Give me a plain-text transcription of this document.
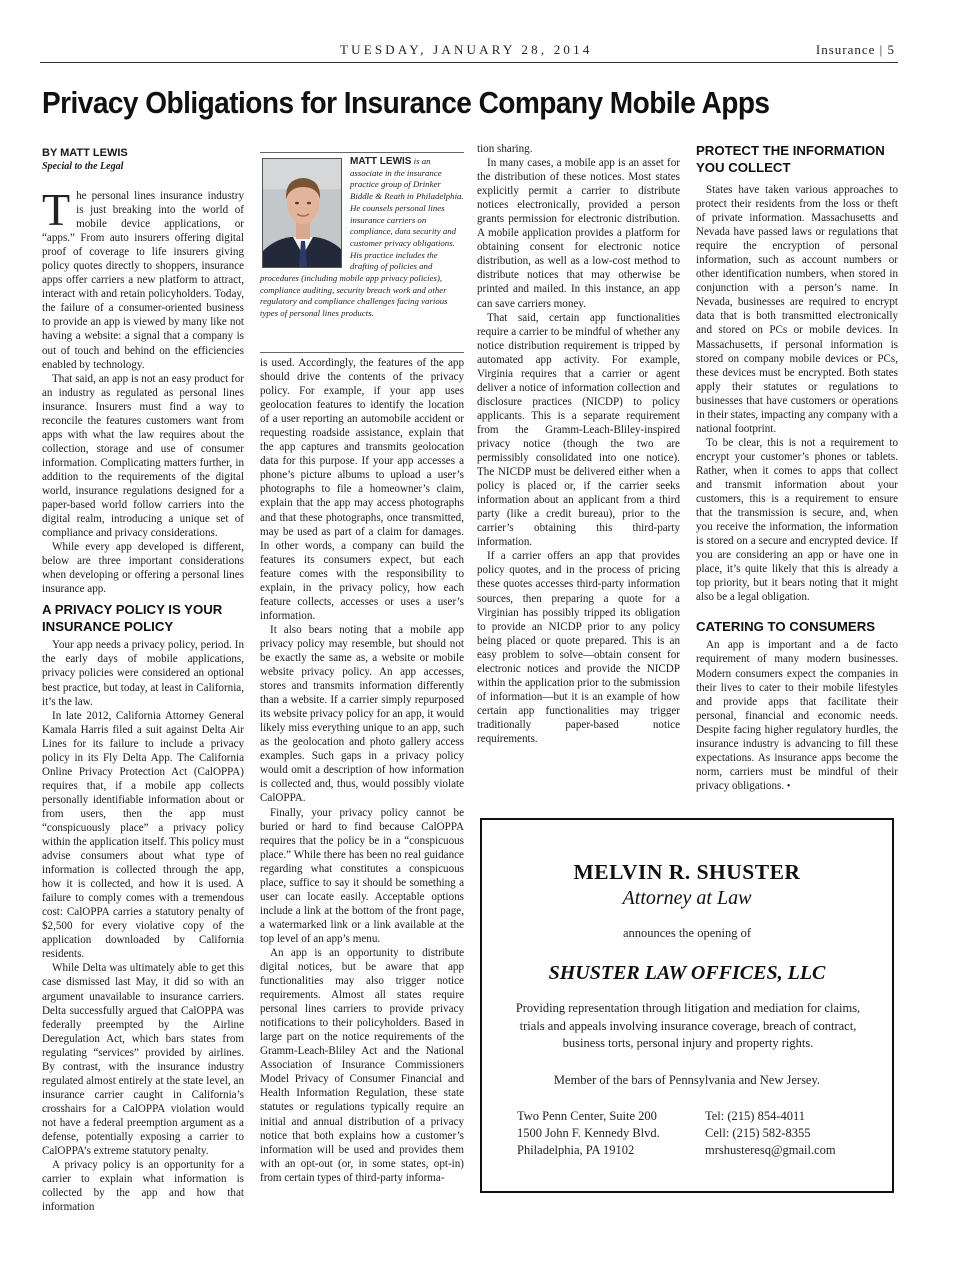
TUESDAY, JANUARY 28, 2014	Insurance | 5
Privacy Obligations for Insurance Company Mobile Apps
BY MATT LEWIS
Special to the Legal

The personal lines insurance industry is just breaking into the world of mobile device applications, or “apps.” From auto insurers offering digital proof of coverage to life insurers giving policy quotes directly to shoppers, insurance apps offer carriers a new platform to attract, interact with and retain policyholders. Today, the failure of a consumer-oriented business to provide an app is viewed by many like not having a website: a signal that a company is out of touch and behind on the efficiencies enabled by technology.

That said, an app is not an easy product for an industry as regulated as personal lines insurance. Insurers must find a way to reconcile the features customers want from apps with what the law requires about the collection, storage and use of consumer information. Complicating matters further, in addition to the requirements of the digital world, insurance regulations designed for a paper-based world follow carriers into the digital realm, introducing a unique set of compliance and privacy considerations.

While every app developed is different, below are three important considerations when developing or offering a personal lines insurance app.

A PRIVACY POLICY IS YOUR INSURANCE POLICY

Your app needs a privacy policy, period. In the early days of mobile applications, privacy policies were considered an optional best practice, but today, at least in California, it’s the law.

In late 2012, California Attorney General Kamala Harris filed a suit against Delta Air Lines for its failure to include a privacy policy in its Fly Delta App. The California Online Privacy Protection Act (CalOPPA) requires that, if a mobile app collects personally identifiable information about or from users, then the app must “conspicuously place” a privacy policy within the application itself. This policy must advise consumers about what type of information is collected through the app, how it is collected, and how it is used. A failure to comply comes with a tremendous cost: CalOPPA carries a statutory penalty of $2,500 for every violative copy of the application downloaded by California residents.

While Delta was ultimately able to get this case dismissed last May, it did so with an argument unavailable to insurance carriers. Delta successfully argued that CalOPPA was federally preempted by the Airline Deregulation Act, which bars states from regulating “services” provided by airlines. By contrast, with the insurance industry regulated almost entirely at the state level, an insurance carrier caught in California’s crosshairs for a CalOPPA violation would not have a federal preemption argument as a defense, potentially exposing a carrier to CalOPPA’s extreme statutory penalty.

A privacy policy is an opportunity for a carrier to explain what information is collected by the app and how that information

MATT LEWIS is an associate in the insurance practice group of Drinker Biddle & Reath in Philadelphia. He counsels personal lines insurance carriers on compliance, data security and customer privacy obligations. His practice includes the drafting of policies and procedures (including mobile app privacy policies), compliance auditing, security breach work and other regulatory and compliance challenges facing various types of personal lines products.

is used. Accordingly, the features of the app should drive the contents of the privacy policy. For example, if your app uses geolocation features to identify the location of a user reporting an automobile accident or requesting roadside assistance, explain that the app captures and transmits geolocation data for this purpose. If your app accesses a phone’s picture albums to upload a user’s photographs to file a homeowner’s claim, explain that the app may access photographs and that these photographs, once transmitted, may be used as part of a claim for damages. In other words, a company can build the features its consumers expect, but each feature comes with the responsibility to explain, in the privacy policy, how each feature collects, accesses or uses a user’s information.

It also bears noting that a mobile app privacy policy may resemble, but should not be exactly the same as, a website or mobile website privacy policy. An app accesses, stores and transmits information differently than a website. If a carrier simply repurposed its website privacy policy for an app, it would likely miss everything unique to an app, such as the geolocation and photo gallery access examples. Such gaps in a privacy policy would omit a description of how information is collected and, thus, would possibly violate CalOPPA.

Finally, your privacy policy cannot be buried or hard to find because CalOPPA requires that the policy be in a “conspicuous place.” While there has been no real guidance regarding what constitutes a conspicuous place, suffice to say it should be something a user can locate easily. Acceptable options include a link at the bottom of the front page, a watermarked link or a link available at the top level of an app’s menu.

An app is an opportunity to distribute digital notices, but be aware that app functionalities may also trigger notice requirements. Almost all states require personal lines carriers to provide privacy notifications to their policyholders. Based in large part on the notice requirements of the Gramm-Leach-Bliley Act and the National Association of Insurance Commissioners Model Privacy of Consumer Financial and Health Information Regulation, these state statutes or regulations typically require an initial and annual distribution of a privacy notice that both explains how a customer’s information will be used and provides them with an opt-out (or, in some states, opt-in) from certain types of third-party informa-

tion sharing.

In many cases, a mobile app is an asset for the distribution of these notices. Most states explicitly permit a carrier to distribute notices electronically, provided a person grants permission for electronic distribution. A mobile application provides a platform for obtaining consent for electronic notice distribution, as well as a low-cost method to distribute notices that may otherwise be printed and mailed. In this instance, an app can save carriers money.

That said, certain app functionalities require a carrier to be mindful of whether any notice distribution requirement is tripped by automated app activity. For example, Virginia requires that a carrier or agent deliver a notice of information collection and disclosure practices (NICDP) to policy applicants. This is a separate requirement from the Gramm-Leach-Bliley-inspired privacy notice (though the two are permissibly consolidated into one notice). The NICDP must be delivered either when a policy is placed or, if the carrier seeks information about an applicant from a third party (like a credit bureau), prior to the carrier’s obtaining this third-party information.

If a carrier offers an app that provides policy quotes, and in the process of pricing these quotes accesses third-party information sources, then preparing a quote for a Virginian has possibly tripped its obligation to provide an NICDP prior to any policy being placed or quote prepared. This is an easy problem to solve—obtain consent for electronic notices and provide the NICDP within the application prior to the submission of information—but it is an example of how certain app functionalities may trigger traditionally paper-based notice requirements.

PROTECT THE INFORMATION YOU COLLECT

States have taken various approaches to protect their residents from the loss or theft of private information. Massachusetts and Nevada have passed laws or regulations that require the encryption of personal information, such as account numbers or other identification numbers, when stored in conjunction with a person’s name. In Nevada, businesses are required to encrypt data that is both transmitted electronically and stored on PCs or mobile devices. In Massachusetts, if personal information is stored on company mobile devices or PCs, these devices must be encrypted. Both states apply their statutes or regulations to businesses that have customers or operations in their states, impacting any company with a national footprint.

To be clear, this is not a requirement to encrypt your customer’s phones or tablets. Rather, when it comes to apps that collect and transmit information about your customers, this is a requirement to ensure that the transmission is secure, and, when you receive the information, the information is stored on a secure and encrypted device. If you are considering an app or have one in place, it’s quite likely that this is already a top priority, but it bears noting that it might also be a legal obligation.

CATERING TO CONSUMERS

An app is important and a de facto requirement of many modern businesses. Modern consumers expect the companies in their lives to cater to their mobile lifestyles and provide apps that facilitate their personal, financial and economic needs. Despite facing higher regulatory hurdles, the insurance industry is advancing to fill these expectations. As insurance apps become the norm, carriers must be mindful of their privacy obligations. •

MELVIN R. SHUSTER
Attorney at Law
announces the opening of
SHUSTER LAW OFFICES, LLC
Providing representation through litigation and mediation for claims, trials and appeals involving insurance coverage, breach of contract, business torts, personal injury and property rights.
Member of the bars of Pennsylvania and New Jersey.
Two Penn Center, Suite 200
1500 John F. Kennedy Blvd.
Philadelphia, PA 19102
Tel: (215) 854-4011
Cell: (215) 582-8355
mrshusteresq@gmail.com
